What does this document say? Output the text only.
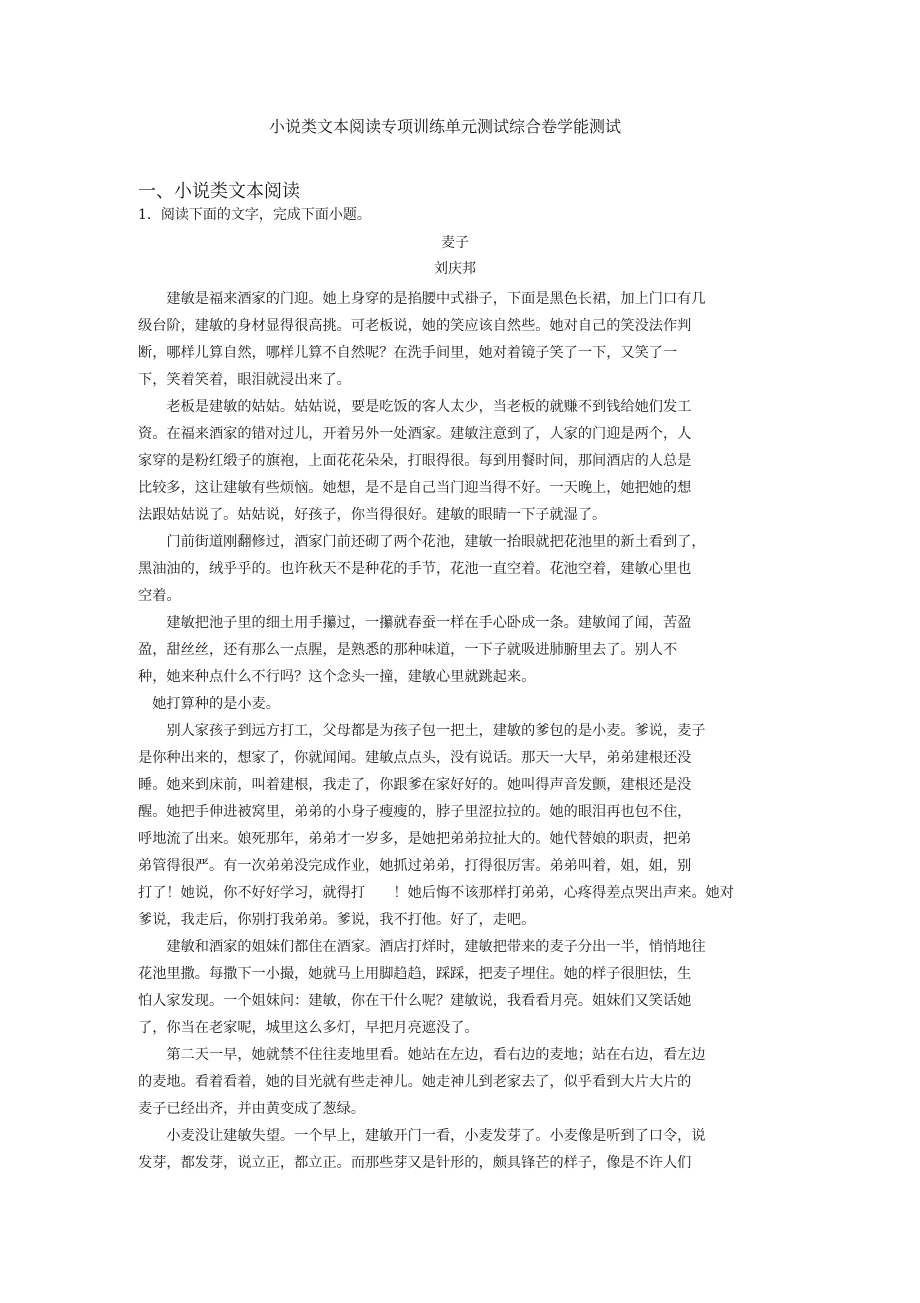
小说类文本阅读专项训练单元测试综合卷学能测试
一、小说类文本阅读
1．阅读下面的文字，完成下面小题。
麦子
刘庆邦
　　建敏是福来酒家的门迎。她上身穿的是掐腰中式褂子，下面是黑色长裙，加上门口有几
级台阶，建敏的身材显得很高挑。可老板说，她的笑应该自然些。她对自己的笑没法作判
断，哪样儿算自然，哪样儿算不自然呢？在洗手间里，她对着镜子笑了一下，又笑了一
下，笑着笑着，眼泪就浸出来了。
　　老板是建敏的姑姑。姑姑说，要是吃饭的客人太少，当老板的就赚不到钱给她们发工
资。在福来酒家的错对过儿，开着另外一处酒家。建敏注意到了，人家的门迎是两个，人
家穿的是粉红缎子的旗袍，上面花花朵朵，打眼得很。每到用餐时间，那间酒店的人总是
比较多，这让建敏有些烦恼。她想，是不是自己当门迎当得不好。一天晚上，她把她的想
法跟姑姑说了。姑姑说，好孩子，你当得很好。建敏的眼睛一下子就湿了。
　　门前街道刚翻修过，酒家门前还砌了两个花池，建敏一抬眼就把花池里的新土看到了，
黑油油的，绒乎乎的。也许秋天不是种花的手节，花池一直空着。花池空着，建敏心里也
空着。
　　建敏把池子里的细土用手攥过，一攥就春蚕一样在手心卧成一条。建敏闻了闻，苦盈
盈，甜丝丝，还有那么一点腥，是熟悉的那种味道，一下子就吸进肺腑里去了。别人不
种，她来种点什么不行吗？这个念头一撞，建敏心里就跳起来。
　她打算种的是小麦。
　　别人家孩子到远方打工，父母都是为孩子包一把土，建敏的爹包的是小麦。爹说，麦子
是你种出来的，想家了，你就闻闻。建敏点点头，没有说话。那天一大早，弟弟建根还没
睡。她来到床前，叫着建根，我走了，你跟爹在家好好的。她叫得声音发颤，建根还是没
醒。她把手伸进被窝里，弟弟的小身子瘦瘦的，脖子里涩拉拉的。她的眼泪再也包不住，
呼地流了出来。娘死那年，弟弟才一岁多，是她把弟弟拉扯大的。她代替娘的职责，把弟
弟管得很严。有一次弟弟没完成作业，她抓过弟弟，打得很厉害。弟弟叫着，姐，姐，别
打了！她说，你不好好学习，就得打　　！她后悔不该那样打弟弟，心疼得差点哭出声来。她对
爹说，我走后，你别打我弟弟。爹说，我不打他。好了，走吧。
　　建敏和酒家的姐妹们都住在酒家。酒店打烊时，建敏把带来的麦子分出一半，悄悄地往
花池里撒。每撒下一小撮，她就马上用脚趋趋，踩踩，把麦子埋住。她的样子很胆怯，生
怕人家发现。一个姐妹问：建敏，你在干什么呢？建敏说，我看看月亮。姐妹们又笑话她
了，你当在老家呢，城里这么多灯，早把月亮遮没了。
　　第二天一早，她就禁不住往麦地里看。她站在左边，看右边的麦地；站在右边，看左边
的麦地。看着看着，她的目光就有些走神儿。她走神儿到老家去了，似乎看到大片大片的
麦子已经出齐，并由黄变成了葱绿。
　　小麦没让建敏失望。一个早上，建敏开门一看，小麦发芽了。小麦像是听到了口令，说
发芽，都发芽，说立正，都立正。而那些芽又是针形的，颇具锋芒的样子，像是不许人们
